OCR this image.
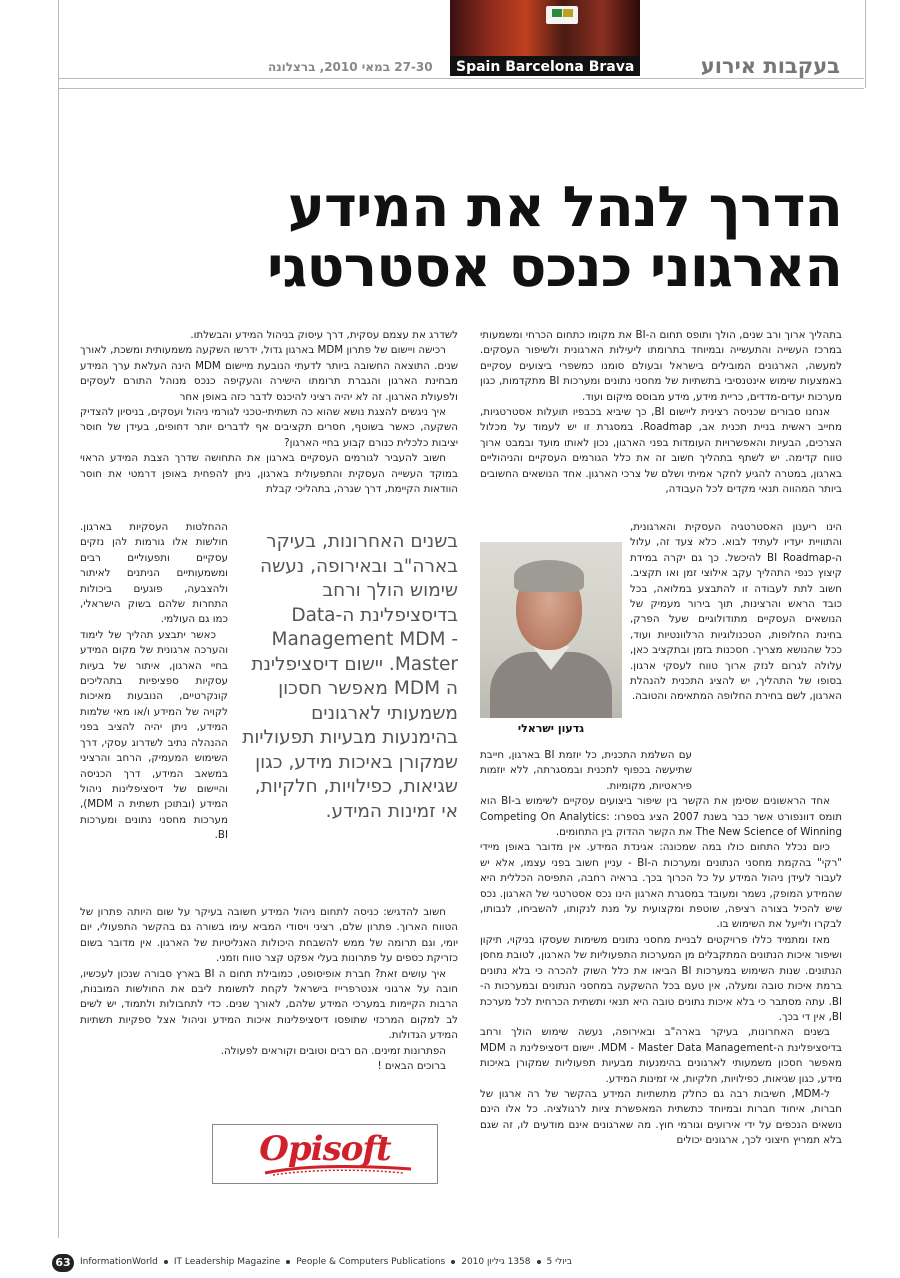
בעקבות אירוע
Spain Barcelona Brava
27-30 במאי 2010, ברצלונה
הדרך לנהל את המידע
הארגוני כנכס אסטרטגי

בתהליך ארוך ורב שנים, הולך ותופס תחום ה-BI את מקומו כתחום הכרחי ומשמעותי במרכז העשייה והתעשייה ובמיוחד בתרומתו ליעילות הארגונית ולשיפור העסקים. למעשה, הארגונים המובילים בישראל ובעולם סומנו כמשפרי ביצועים עסקיים באמצעות שימוש אינטנסיבי בתשתיות של מחסני נתונים ומערכות BI מתקדמות, כגון מערכות יעדים-מדדים, כריית מידע, מידע מבוסס מיקום ועוד.

אנחנו סבורים שכניסה רצינית ליישום BI, כך שיביא בכבפיו תועלות אסטרטגיות, מחייב ראשית בניית תכנית אב, Roadmap. במסגרת זו יש לעמוד על מכלול הצרכים, הבעיות והאפשרויות העומדות בפני הארגון, נכון לאותו מועד ובמבט ארוך טווח קדימה. יש לשתף בתהליך חשוב זה את כלל הגורמים העסקיים והניהוליים בארגון, במטרה להגיע לחקר אמיתי ושלם של צרכי הארגון. אחד הנושאים החשובים ביותר המהווה תנאי מקדים לכל העבודה,

הינו ריענון האסטרטגיה העסקית והארגונית, והתוויית יעדיו לעתיד לבוא. כלא צעד זה, עלול ה-BI Roadmap להיכשל. כך גם יקרה במידת קיצוץ כנפי התהליך עקב אילוצי זמן ואו תקציב. חשוב לתת לעבודה זו להתבצע במלואה, בכל כובד הראש והרצינות, תוך בירור מעמיק של הנושאים העסקיים מתודולוגיים שעל הפרק, בחינת החלופות, הטכנולוגיות הרלוונטיות ועוד, ככל שהנושא מצריך. חסכנות בזמן ובתקציב כאן, עלולה לגרום לנזק ארוך טווח לעסקי ארגון. בסופו של התהליך, יש להציג התכנית להנהלת הארגון, לשם בחירת החלופה המתאימה והטובה.

גדעון ישראלי

עם השלמת התכנית, כל יוזמת BI בארגון, חייבת שתיעשה בכפוף לתכנית ובמסגרתה, ללא יוזמות פיראטיות, מקומיות.

אחד הראשונים שסימן את הקשר בין שיפור ביצועים עסקיים לשימוש ב-BI הוא תומס דוונפורט אשר כבר בשנת 2007 הציג בספרו: Competing On Analytics: The New Science of Winning את הקשר ההדוק בין התחומים.

כיום נכלל התחום כולו במה שמכונה: אגינדת המידע. אין מדובר באופן מיידי "רקי" בהקמת מחסני הנתונים ומערכות ה-BI - עניין חשוב בפני עצמו, אלא יש לעבור לעידן ניהול המידע על כל הכרוך בכך. בראיה רחבה, התפיסה הכללית היא שהמידע המופק, נשמר ומעובד במסגרת הארגון הינו נכס אסטרטגי של הארגון. נכס שיש להכיל בצורה רציפה, שוטפת ומקצועית על מנת לנקותו, להשביחו, לנבותו, לבקרו ולייעל את השימוש בו.

מאז ומתמיד כללו פרויקטים לבניית מחסני נתונים משימות שעסקו בניקוי, תיקון ושיפור איכות הנתונים המתקבלים מן המערכות התפעוליות של הארגון, לטובת מחסן הנתונים. שנות השימוש במערכות BI הביאו את כלל השוק להכרה כי בלא נתונים ברמת איכות טובה ומעלה, אין טעם בכל ההשקעה במחסני הנתונים ובמערכות ה-BI. עתה מסתבר כי בלא איכות נתונים טובה היא תנאי ותשתית הכרחית לכל מערכת BI, אין די בכך.

בשנים האחרונות, בעיקר בארה"ב ובאירופה, נעשה שימוש הולך ורחב בדיסציפלינת ה-MDM - Master Data Management. יישום דיסציפלינת ה MDM מאפשר חסכון משמעותי לארגונים בהימנעות מבעיות תפעוליות שמקורן באיכות מידע, כגון שגיאות, כפילויות, חלקיות, אי זמינות המידע.

ל-MDM, חשיבות רבה גם כחלק מתשתיות המידע בהקשר של רה ארגון של חברות, איחוד חברות ובמיוחד כתשתית המאפשרת ציות לרגולציה. כל אלו הינם נושאים הנכפים על ידי אירועים וגורמי חוץ. מה שארגונים אינם מודעים לו, זה שגם בלא תמריץ חיצוני לכך, ארגונים יכולים

לשדרג את עצמם עסקית, דרך עיסוק בניהול המידע והבשלתו.

רכישה ויישום של פתרון MDM בארגון גדול, ידרשו השקעה משמעותית ומשכת, לאורך שנים. התוצאה החשובה ביותר לדעתי הנובעת מיישום MDM הינה העלאת ערך המידע מבחינת הארגון והגברת תרומתו הישירה והעקיפה כנכס מנוהל התורם לעסקים ולפעולת הארגון. זה לא יהיה רציני להיכנס לדבר כזה באופן אחר

איך ניגשים להצגת נושא שהוא כה תשתיתי-טכני לגורמי ניהול ועסקים, בניסיון להצדיק השקעה, כאשר בשוטף, חסרים תקציבים אף לדברים יותר דחופים, בעידן של חוסר יציבות כלכלית כנורם קבוע בחיי הארגון?

חשוב להעביר לגורמים העסקיים בארגון את התחושה שדרך הצבת המידע הראוי במוקד העשייה העסקית והתפעולית בארגון, ניתן להפחית באופן דרמטי את חוסר הוודאות הקיימת, דרך שגרה, בתהליכי קבלת

ההחלטות העסקיות בארגון. חולשות אלו גורמות להן נזקים עסקיים ותפעוליים רבים ומשמעותיים הניתנים לאיתור ולהצבעה, פוגעים ביכולות התחרות שלהם בשוק הישראלי, כמו גם העולמי.

כאשר יתבצע תהליך של לימוד והערכה ארגונית של מקום המידע בחיי הארגון, איתור של בעיות עסקיות ספציפיות בתהליכים קונקרטיים, הנובעות מאיכות לקויה של המידע ו/או מאי שלמות המידע, ניתן יהיה להציב בפני ההנהלה נתיב לשדרוג עסקי, דרך השימוש המעמיק, הרחב והרציני במשאב המידע, דרך הכניסה והיישום של דיסציפלינות ניהול המידע (ובתוכן תשתית ה MDM), מערכות מחסני נתונים ומערכות BI.

בשנים האחרונות, בעיקר בארה"ב ובאירופה, נעשה שימוש הולך ורחב בדיסציפלינת ה-Data Management MDM - Master. יישום דיסציפלינת ה MDM מאפשר חסכון משמעותי לארגונים בהימנעות מבעיות תפעוליות שמקורן באיכות מידע, כגון שגיאות, כפילויות, חלקיות, אי זמינות המידע.

חשוב להדגיש: כניסה לתחום ניהול המידע חשובה בעיקר על שום היותה פתרון של הטווח הארוך. פתרון שלם, רציני ויסודי המביא עימו בשורה גם בהקשר התפעולי, יום יומי, וגם תרומה של ממש להשבחת היכולות האנליטיות של הארגון. אין מדובר בשום כזריקת כספים על פתרונות בעלי אפקט קצר טווח וזמני.

איך עושים זאת? חברת אופיסופט, כמובילת תחום ה BI בארץ סבורה שנכון לעכשיו, חובה על ארגוני אנטרפרייז בישראל לקחת לתשומת ליבם את החולשות המובנות, הרבות הקיימות במערכי המידע שלהם, לאורך שנים. כדי לתחבולות ולתמוד, יש לשים לב למקום המרכזי שתופסו דיסציפלינות איכות המידע וניהול אצל ספקיות תשתיות המידע הגדולות.

הפתרונות זמינים. הם רבים וטובים וקוראים לפעולה.

ברוכים הבאים !

Opisoft
63	InformationWorld IT Leadership Magazine People & Computers Publications 2010 ביולי 51358 גיליון
